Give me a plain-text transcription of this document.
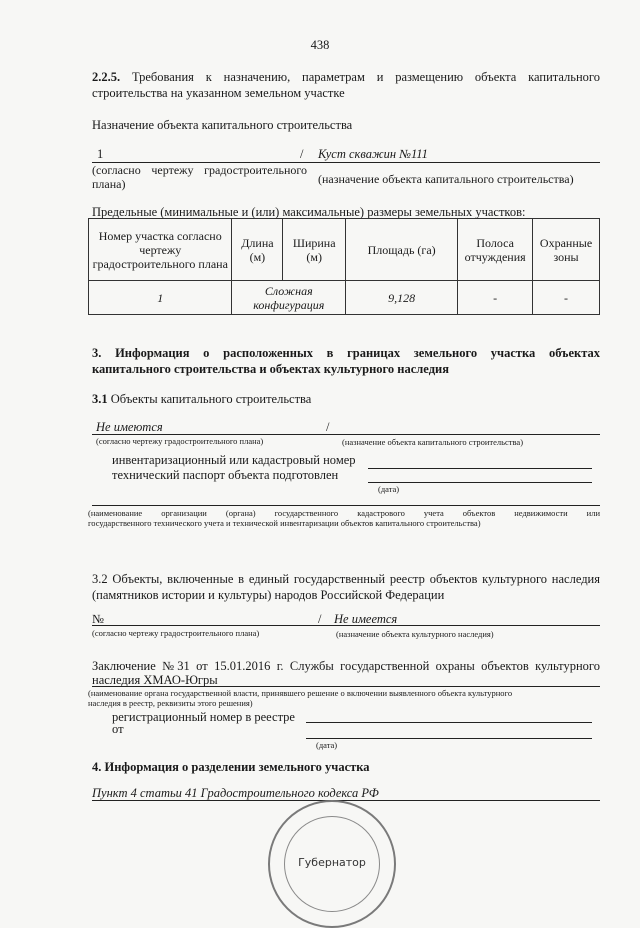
438
2.2.5. Требования к назначению, параметрам и размещению объекта капитального
строительства на указанном земельном участке
Назначение объекта капитального строительства
1	/ Куст скважин №111
(согласно чертежу градостроительного плана)	(назначение объекта капитального строительства)
Предельные (минимальные и (или) максимальные) размеры земельных участков:
Номер участка согласно чертежу градостроительного плана	Длина (м)	Ширина (м)	Площадь (га)	Полоса отчуждения	Охранные зоны
1	Сложная конфигурация		9,128	-	-
3. Информация о расположенных в границах земельного участка объектах
капитального строительства и объектах культурного наследия
3.1 Объекты капитального строительства
Не имеются	/
(согласно чертежу градостроительного плана)	(назначение объекта капитального строительства)
инвентаризационный или кадастровый номер
технический паспорт объекта подготовлен
(дата)
(наименование организации (органа) государственного кадастрового учета объектов недвижимости или
государственного технического учета и технической инвентаризации объектов капитального строительства)
3.2 Объекты, включенные в единый государственный реестр объектов культурного наследия
(памятников истории и культуры) народов Российской Федерации
№	/ Не имеется
(согласно чертежу градостроительного плана)	(назначение объекта культурного наследия)
Заключение №31 от 15.01.2016 г. Службы государственной охраны объектов культурного
наследия ХМАО-Югры
(наименование органа государственной власти, принявшего решение о включении выявленного объекта культурного
наследия в реестр, реквизиты этого решения)
регистрационный номер в реестре
от
(дата)
4. Информация о разделении земельного участка
Пункт 4 статьи 41 Градостроительного кодекса РФ
Губернатор
